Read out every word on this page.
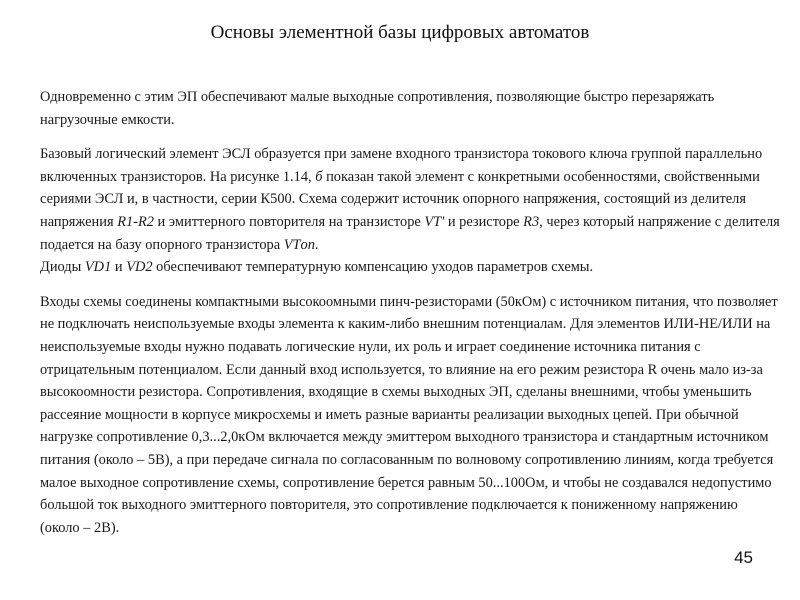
Основы элементной базы цифровых автоматов

Одновременно с этим ЭП обеспечивают малые выходные сопротивления, позволяющие быстро перезаряжать нагрузочные емкости.

Базовый логический элемент ЭСЛ образуется при замене входного транзистора токового ключа группой параллельно включенных транзисторов. На рисунке 1.14, б показан такой элемент с конкретными особенностями, свойственными сериями ЭСЛ и, в частности, серии К500. Схема содержит источник опорного напряжения, состоящий из делителя напряжения R1-R2 и эмиттерного повторителя на транзисторе VT' и резисторе R3, через который напряжение с делителя подается на базу опорного транзистора VTоп.
Диоды VD1 и VD2 обеспечивают температурную компенсацию уходов параметров схемы.

Входы схемы соединены компактными высокоомными пинч-резисторами (50кОм) с источником питания, что позволяет не подключать неиспользуемые входы элемента к каким-либо внешним потенциалам. Для элементов ИЛИ-НЕ/ИЛИ на неиспользуемые входы нужно подавать логические нули, их роль и играет соединение источника питания с отрицательным потенциалом. Если данный вход используется, то влияние на его режим резистора R очень мало из-за высокоомности резистора. Сопротивления, входящие в схемы выходных ЭП, сделаны внешними, чтобы уменьшить рассеяние мощности в корпусе микросхемы и иметь разные варианты реализации выходных цепей. При обычной нагрузке сопротивление 0,3...2,0кОм включается между эмиттером выходного транзистора и стандартным источником питания (около – 5В), а при передаче сигнала по согласованным по волновому сопротивлению линиям, когда требуется малое выходное сопротивление схемы, сопротивление берется равным 50...100Ом, и чтобы не создавался недопустимо большой ток выходного эмиттерного повторителя, это сопротивление подключается к пониженному напряжению (около – 2В).

45
